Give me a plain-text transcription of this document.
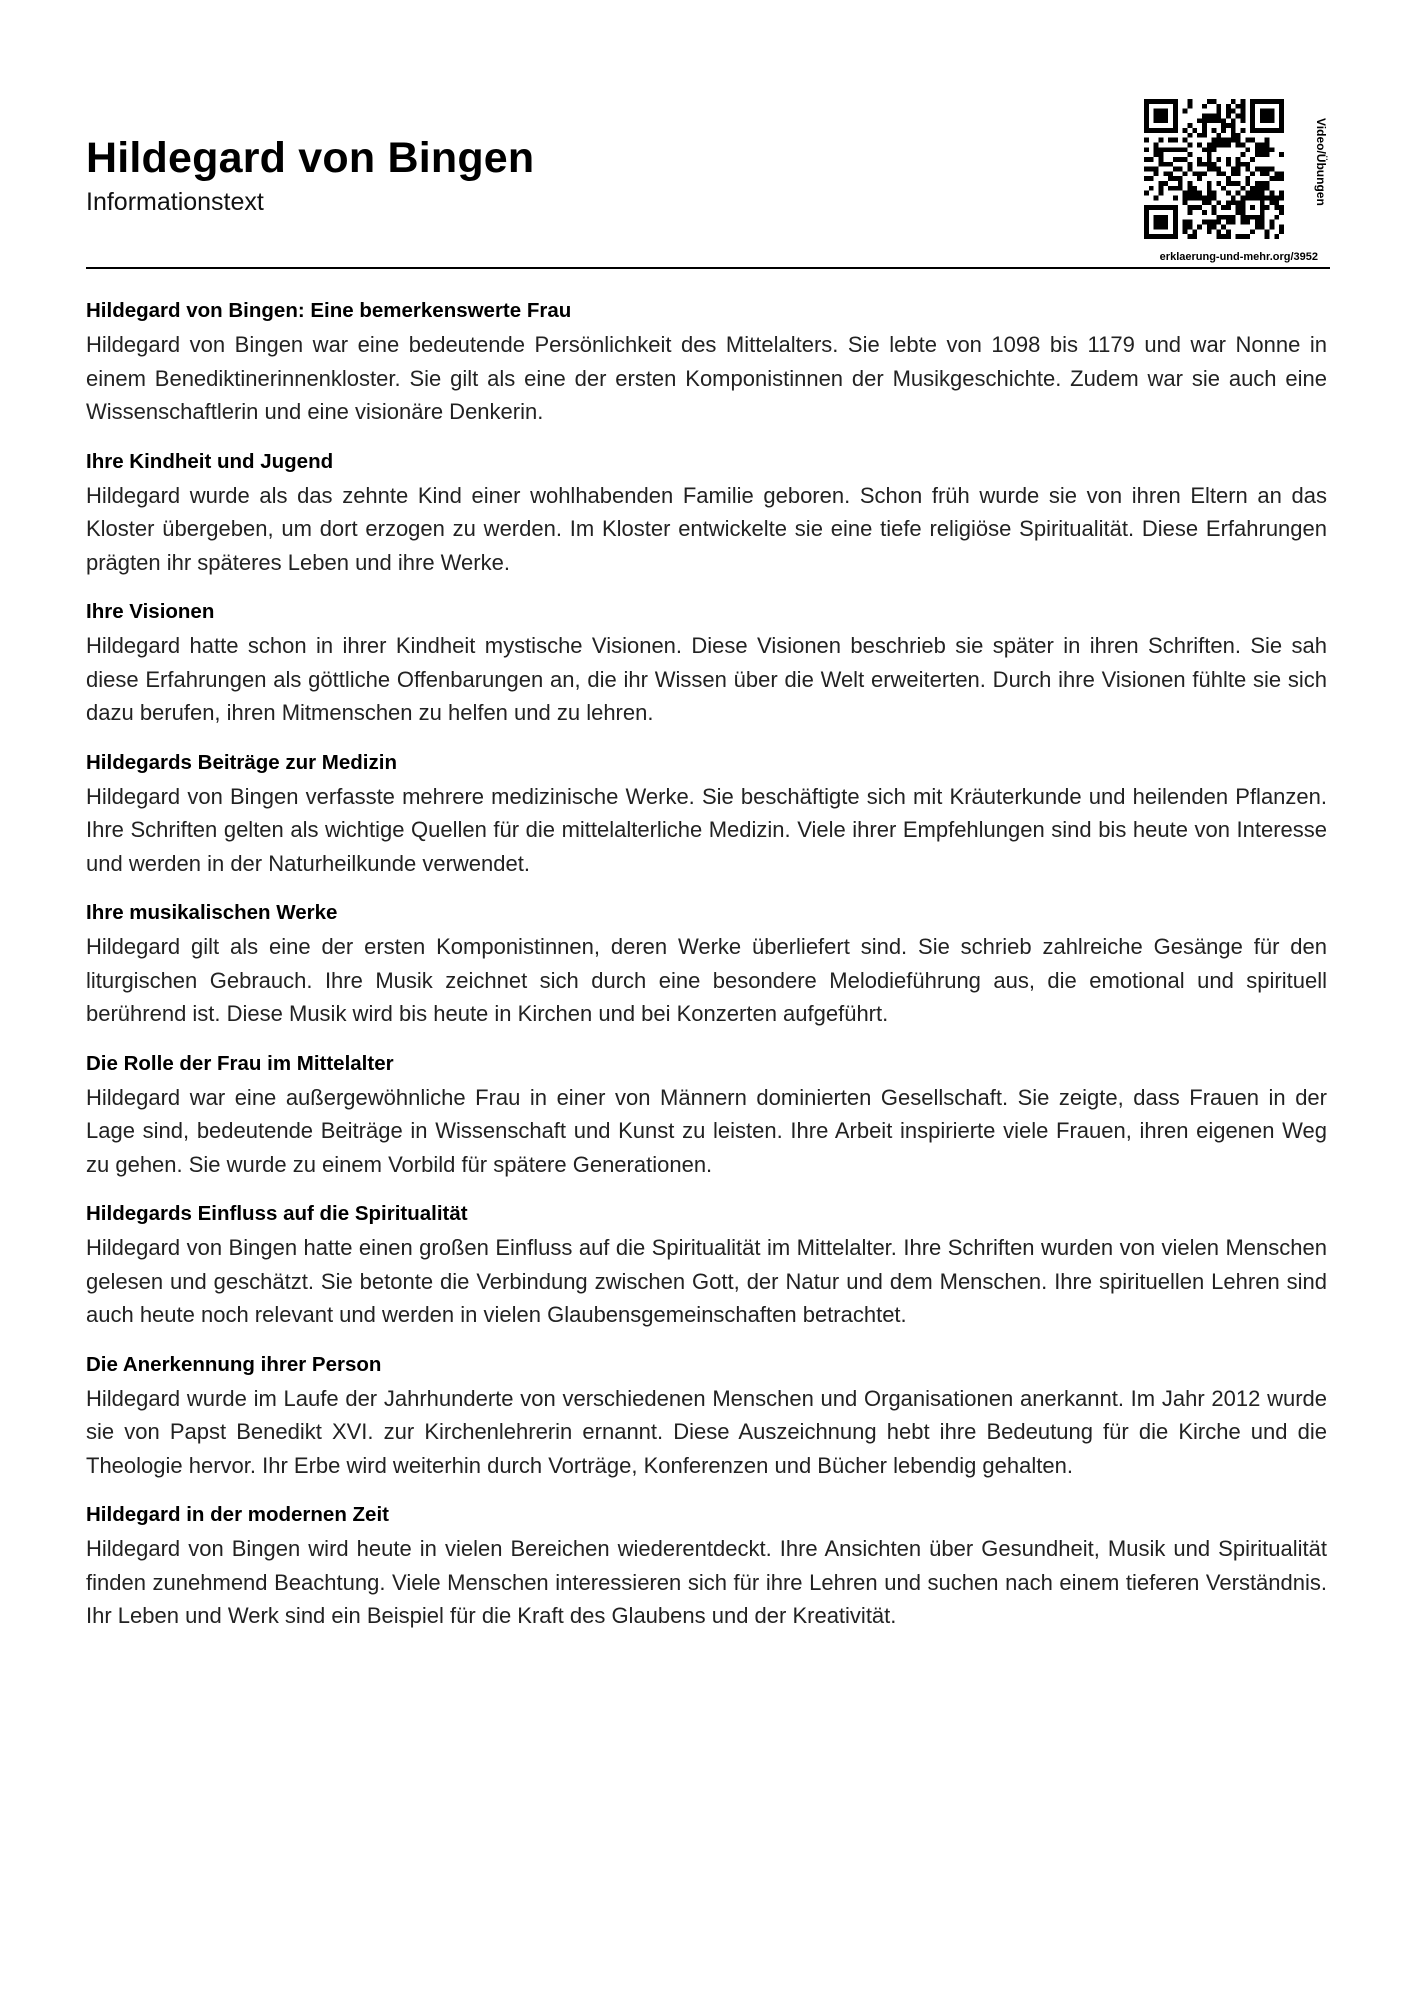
Hildegard von Bingen
Informationstext	Video/Übungen
erklaerung-und-mehr.org/3952
Hildegard von Bingen: Eine bemerkenswerte Frau

Hildegard von Bingen war eine bedeutende Persönlichkeit des Mittelalters. Sie lebte von 1098 bis 1179 und war Nonne in einem Benediktinerinnenkloster. Sie gilt als eine der ersten Komponistinnen der Musikgeschichte. Zudem war sie auch eine Wissenschaftlerin und eine visionäre Denkerin.

Ihre Kindheit und Jugend

Hildegard wurde als das zehnte Kind einer wohlhabenden Familie geboren. Schon früh wurde sie von ihren Eltern an das Kloster übergeben, um dort erzogen zu werden. Im Kloster entwickelte sie eine tiefe religiöse Spiritualität. Diese Erfahrungen prägten ihr späteres Leben und ihre Werke.

Ihre Visionen

Hildegard hatte schon in ihrer Kindheit mystische Visionen. Diese Visionen beschrieb sie später in ihren Schriften. Sie sah diese Erfahrungen als göttliche Offenbarungen an, die ihr Wissen über die Welt erweiterten. Durch ihre Visionen fühlte sie sich dazu berufen, ihren Mitmenschen zu helfen und zu lehren.

Hildegards Beiträge zur Medizin

Hildegard von Bingen verfasste mehrere medizinische Werke. Sie beschäftigte sich mit Kräuterkunde und heilenden Pflanzen. Ihre Schriften gelten als wichtige Quellen für die mittelalterliche Medizin. Viele ihrer Empfehlungen sind bis heute von Interesse und werden in der Naturheilkunde verwendet.

Ihre musikalischen Werke

Hildegard gilt als eine der ersten Komponistinnen, deren Werke überliefert sind. Sie schrieb zahlreiche Gesänge für den liturgischen Gebrauch. Ihre Musik zeichnet sich durch eine besondere Melodieführung aus, die emotional und spirituell berührend ist. Diese Musik wird bis heute in Kirchen und bei Konzerten aufgeführt.

Die Rolle der Frau im Mittelalter

Hildegard war eine außergewöhnliche Frau in einer von Männern dominierten Gesellschaft. Sie zeigte, dass Frauen in der Lage sind, bedeutende Beiträge in Wissenschaft und Kunst zu leisten. Ihre Arbeit inspirierte viele Frauen, ihren eigenen Weg zu gehen. Sie wurde zu einem Vorbild für spätere Generationen.

Hildegards Einfluss auf die Spiritualität

Hildegard von Bingen hatte einen großen Einfluss auf die Spiritualität im Mittelalter. Ihre Schriften wurden von vielen Menschen gelesen und geschätzt. Sie betonte die Verbindung zwischen Gott, der Natur und dem Menschen. Ihre spirituellen Lehren sind auch heute noch relevant und werden in vielen Glaubensgemeinschaften betrachtet.

Die Anerkennung ihrer Person

Hildegard wurde im Laufe der Jahrhunderte von verschiedenen Menschen und Organisationen anerkannt. Im Jahr 2012 wurde sie von Papst Benedikt XVI. zur Kirchenlehrerin ernannt. Diese Auszeichnung hebt ihre Bedeutung für die Kirche und die Theologie hervor. Ihr Erbe wird weiterhin durch Vorträge, Konferenzen und Bücher lebendig gehalten.

Hildegard in der modernen Zeit

Hildegard von Bingen wird heute in vielen Bereichen wiederentdeckt. Ihre Ansichten über Gesundheit, Musik und Spiritualität finden zunehmend Beachtung. Viele Menschen interessieren sich für ihre Lehren und suchen nach einem tieferen Verständnis. Ihr Leben und Werk sind ein Beispiel für die Kraft des Glaubens und der Kreativität.
